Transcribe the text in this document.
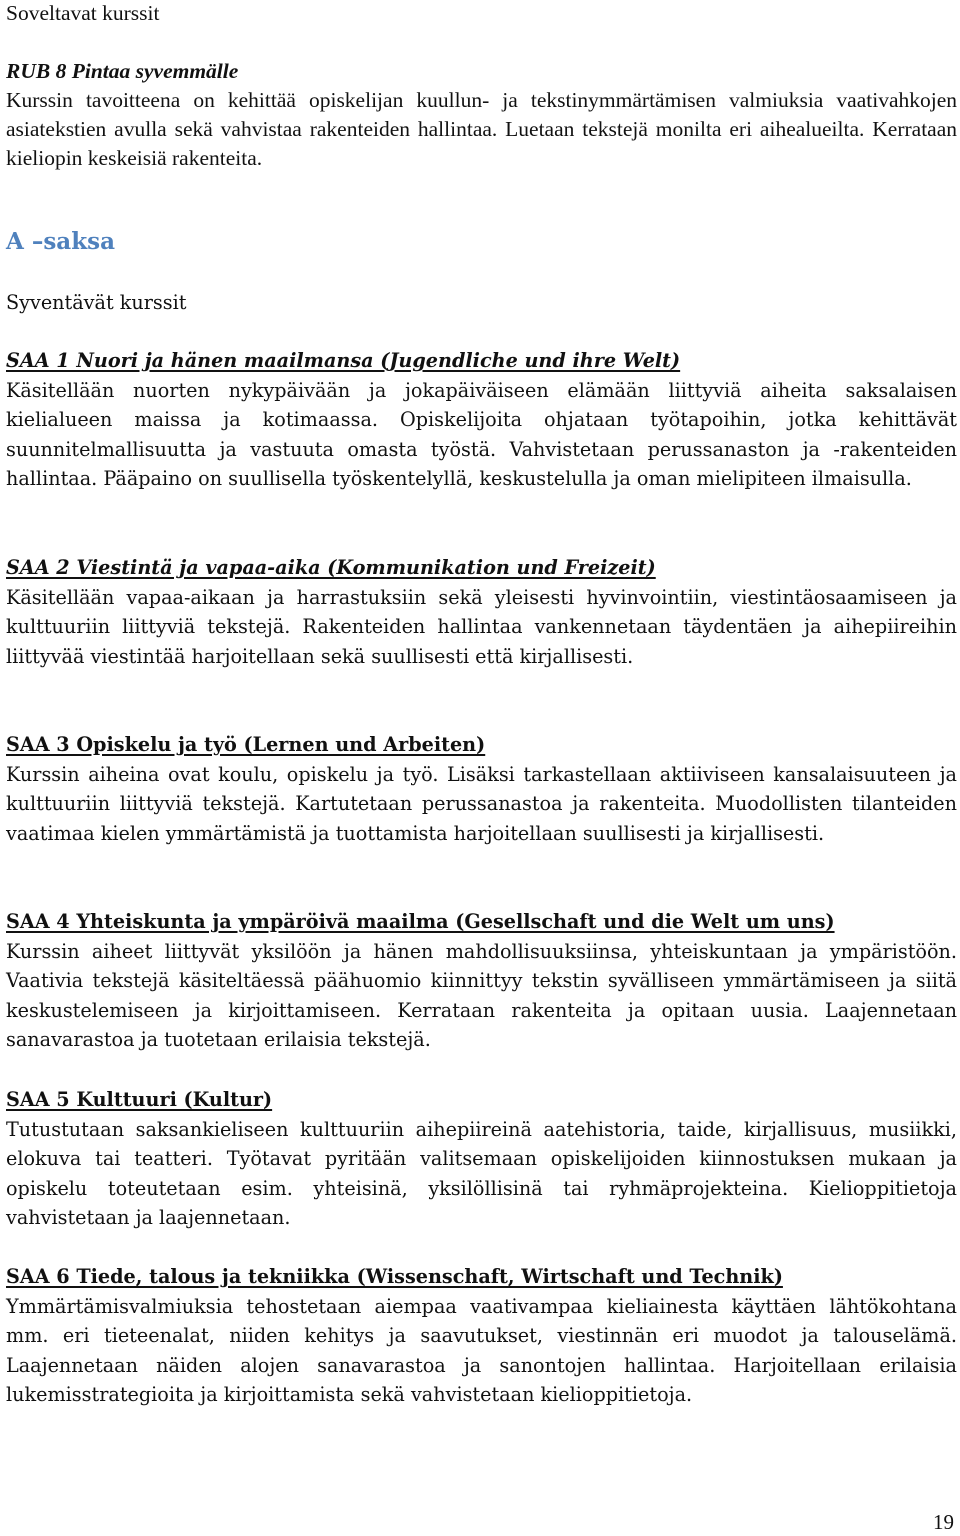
Soveltavat kurssit

RUB 8 Pintaa syvemmälle

Kurssin tavoitteena on kehittää opiskelijan kuullun- ja tekstinymmärtämisen valmiuksia vaativahkojen asiatekstien avulla sekä vahvistaa rakenteiden hallintaa. Luetaan tekstejä monilta eri aihealueilta. Kerrataan kieliopin keskeisiä rakenteita.

A –saksa

Syventävät kurssit

SAA 1 Nuori ja hänen maailmansa (Jugendliche und ihre Welt)
Käsitellään nuorten nykypäivään ja jokapäiväiseen elämään liittyviä aiheita saksalaisen kielialueen maissa ja kotimaassa. Opiskelijoita ohjataan työtapoihin, jotka kehittävät suunnitelmallisuutta ja vastuuta omasta työstä. Vahvistetaan perussanaston ja -rakenteiden hallintaa. Pääpaino on suullisella työskentelyllä, keskustelulla ja oman mielipiteen ilmaisulla.
SAA 2 Viestintä ja vapaa-aika (Kommunikation und Freizeit)
Käsitellään vapaa-aikaan ja harrastuksiin sekä yleisesti hyvinvointiin, viestintäosaamiseen ja kulttuuriin liittyviä tekstejä. Rakenteiden hallintaa vankennetaan täydentäen ja aihepiireihin liittyvää viestintää harjoitellaan sekä suullisesti että kirjallisesti.
SAA 3 Opiskelu ja työ (Lernen und Arbeiten)
Kurssin aiheina ovat koulu, opiskelu ja työ. Lisäksi tarkastellaan aktiiviseen kansalaisuuteen ja kulttuuriin liittyviä tekstejä. Kartutetaan perussanastoa ja rakenteita. Muodollisten tilanteiden vaatimaa kielen ymmärtämistä ja tuottamista harjoitellaan suullisesti ja kirjallisesti.
SAA 4 Yhteiskunta ja ympäröivä maailma (Gesellschaft und die Welt um uns)
Kurssin aiheet liittyvät yksilöön ja hänen mahdollisuuksiinsa, yhteiskuntaan ja ympäristöön. Vaativia tekstejä käsiteltäessä päähuomio kiinnittyy tekstin syvälliseen ymmärtämiseen ja siitä keskustelemiseen ja kirjoittamiseen. Kerrataan rakenteita ja opitaan uusia. Laajennetaan sanavarastoa ja tuotetaan erilaisia tekstejä.
SAA 5 Kulttuuri (Kultur)
Tutustutaan saksankieliseen kulttuuriin aihepiireinä aatehistoria, taide, kirjallisuus, musiikki, elokuva tai teatteri. Työtavat pyritään valitsemaan opiskelijoiden kiinnostuksen mukaan ja opiskelu toteutetaan esim. yhteisinä, yksilöllisinä tai ryhmäprojekteina. Kielioppitietoja vahvistetaan ja laajennetaan.
SAA 6 Tiede, talous ja tekniikka (Wissenschaft, Wirtschaft und Technik)
Ymmärtämisvalmiuksia tehostetaan aiempaa vaativampaa kieliainesta käyttäen lähtökohtana mm. eri tieteenalat, niiden kehitys ja saavutukset, viestinnän eri muodot ja talouselämä. Laajennetaan näiden alojen sanavarastoa ja sanontojen hallintaa. Harjoitellaan erilaisia lukemisstrategioita ja kirjoittamista sekä vahvistetaan kielioppitietoja.
19
